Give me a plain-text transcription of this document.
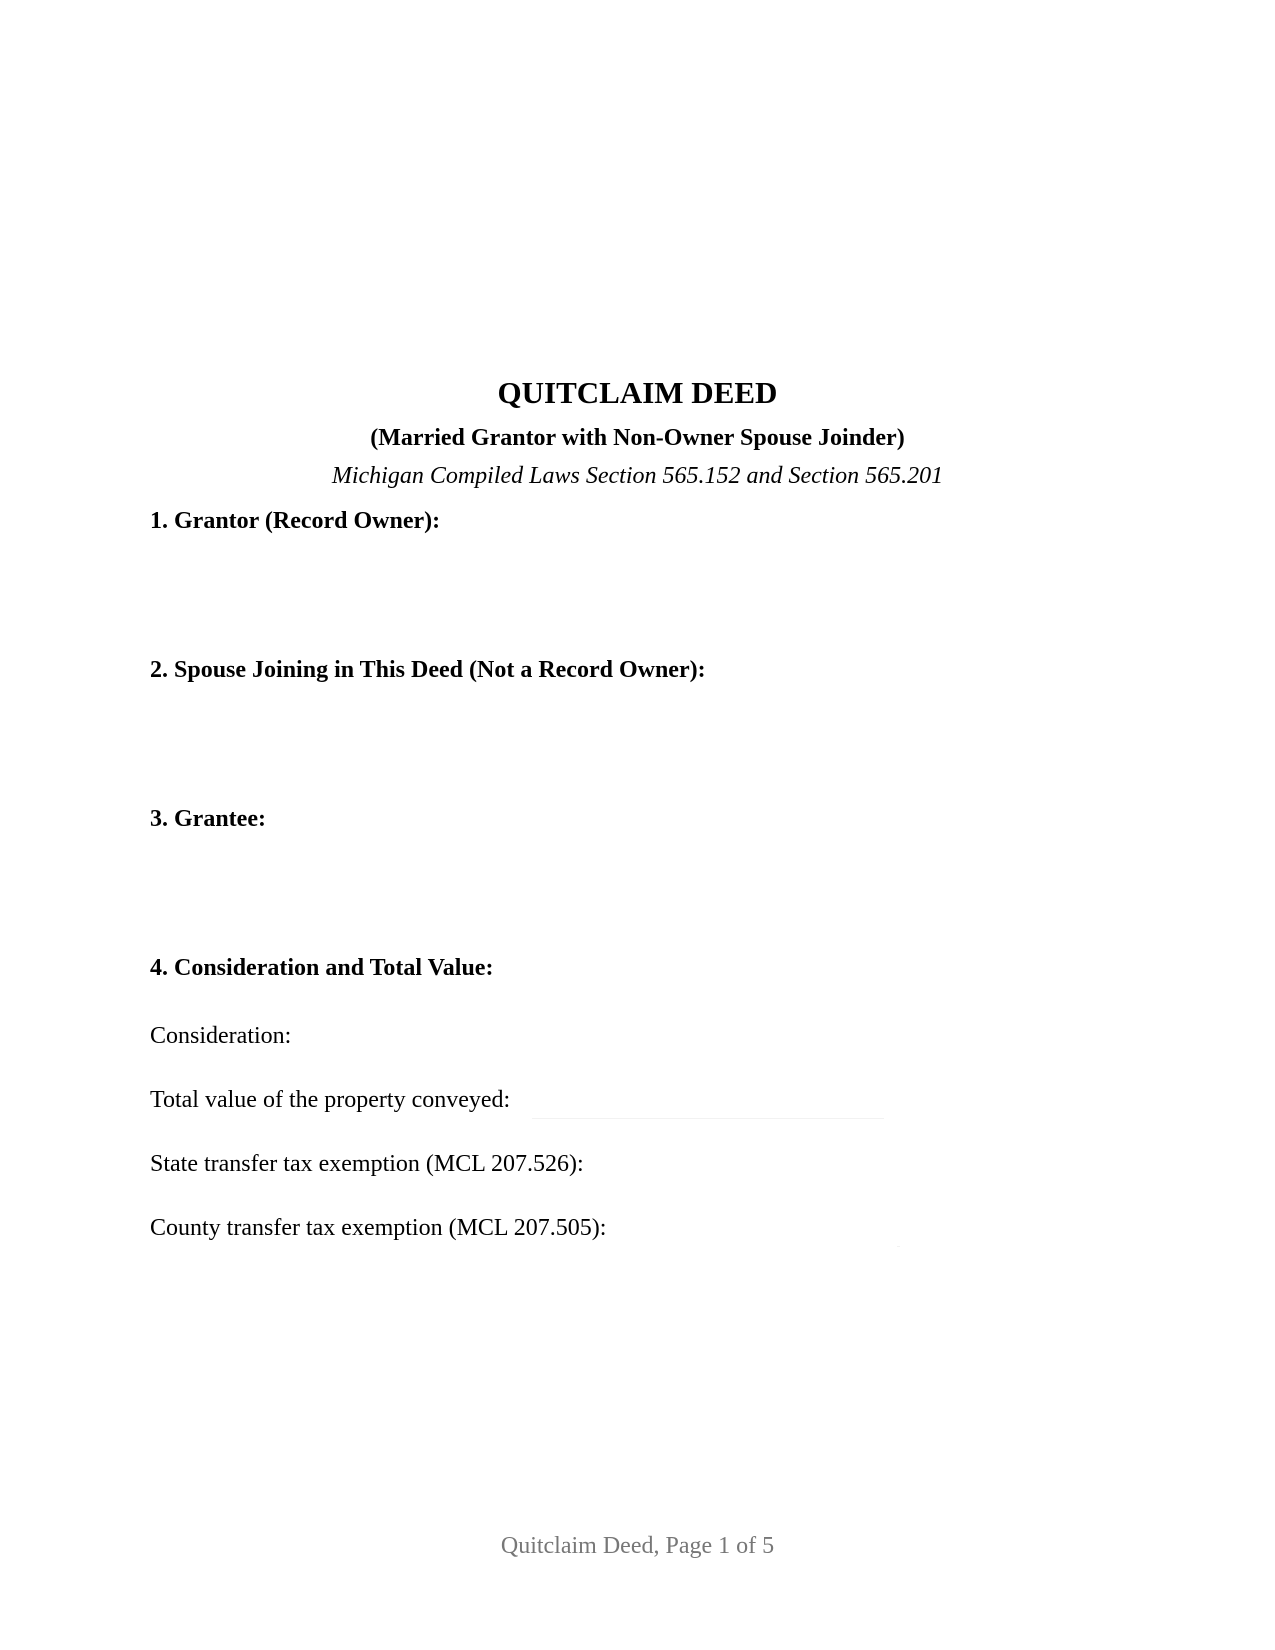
QUITCLAIM DEED
(Married Grantor with Non-Owner Spouse Joinder)
Michigan Compiled Laws Section 565.152 and Section 565.201
1. Grantor (Record Owner):
2. Spouse Joining in This Deed (Not a Record Owner):
3. Grantee:
4. Consideration and Total Value:
Consideration:
Total value of the property conveyed:
State transfer tax exemption (MCL 207.526):
County transfer tax exemption (MCL 207.505):
Quitclaim Deed, Page 1 of 5
